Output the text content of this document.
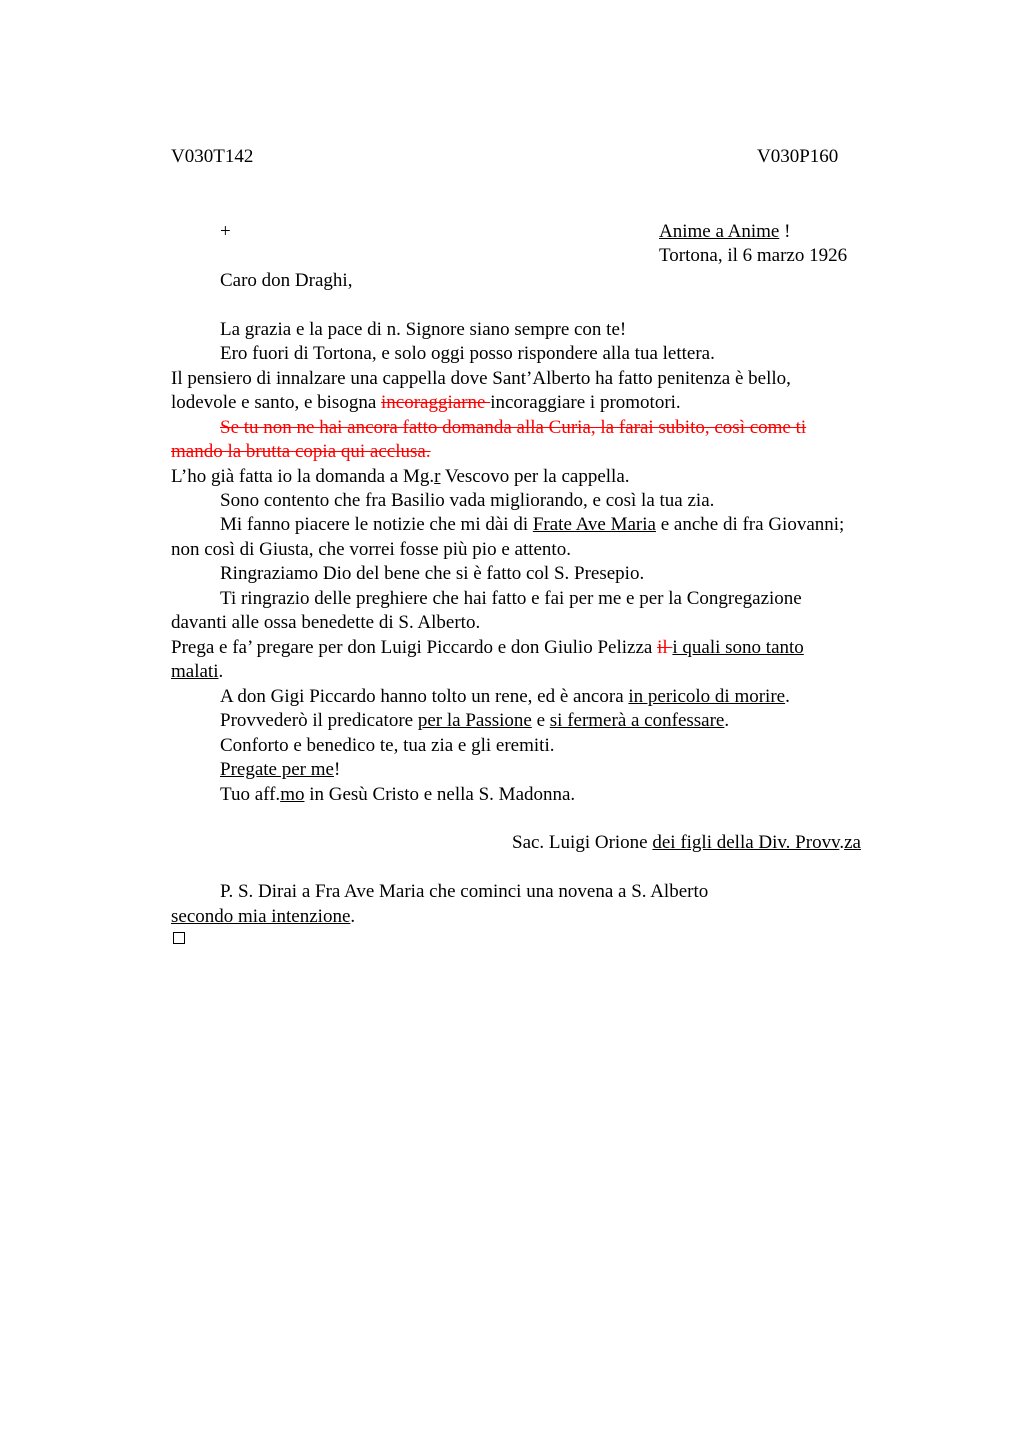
V030T142	V030P160
+	Anime a Anime !
Tortona, il 6 marzo 1926
Caro don Draghi,
La grazia e la pace di n. Signore siano sempre con te!
Ero fuori di Tortona, e solo oggi posso rispondere alla tua lettera.
Il pensiero di innalzare una cappella dove Sant’Alberto ha fatto penitenza è bello,
lodevole e santo, e bisogna incoraggiarne incoraggiare i promotori.
Se tu non ne hai ancora fatto domanda alla Curia, la farai subito, così come ti
mando la brutta copia qui acclusa.
L’ho già fatta io la domanda a Mg.r Vescovo per la cappella.
Sono contento che fra Basilio vada migliorando, e così la tua zia.
Mi fanno piacere le notizie che mi dài di Frate Ave Maria e anche di fra Giovanni;
non così di Giusta, che vorrei fosse più pio e attento.
Ringraziamo Dio del bene che si è fatto col S. Presepio.
Ti ringrazio delle preghiere che hai fatto e fai per me e per la Congregazione
davanti alle ossa benedette di S. Alberto.
Prega e fa’ pregare per don Luigi Piccardo e don Giulio Pelizza il i quali sono tanto
malati.
A don Gigi Piccardo hanno tolto un rene, ed è ancora in pericolo di morire.
Provvederò il predicatore per la Passione e si fermerà a confessare.
Conforto e benedico te, tua zia e gli eremiti.
Pregate per me!
Tuo aff.mo in Gesù Cristo e nella S. Madonna.
Sac. Luigi Orione dei figli della Div. Provv.za
P. S. Dirai a Fra Ave Maria che cominci una novena a S. Alberto
secondo mia intenzione.
